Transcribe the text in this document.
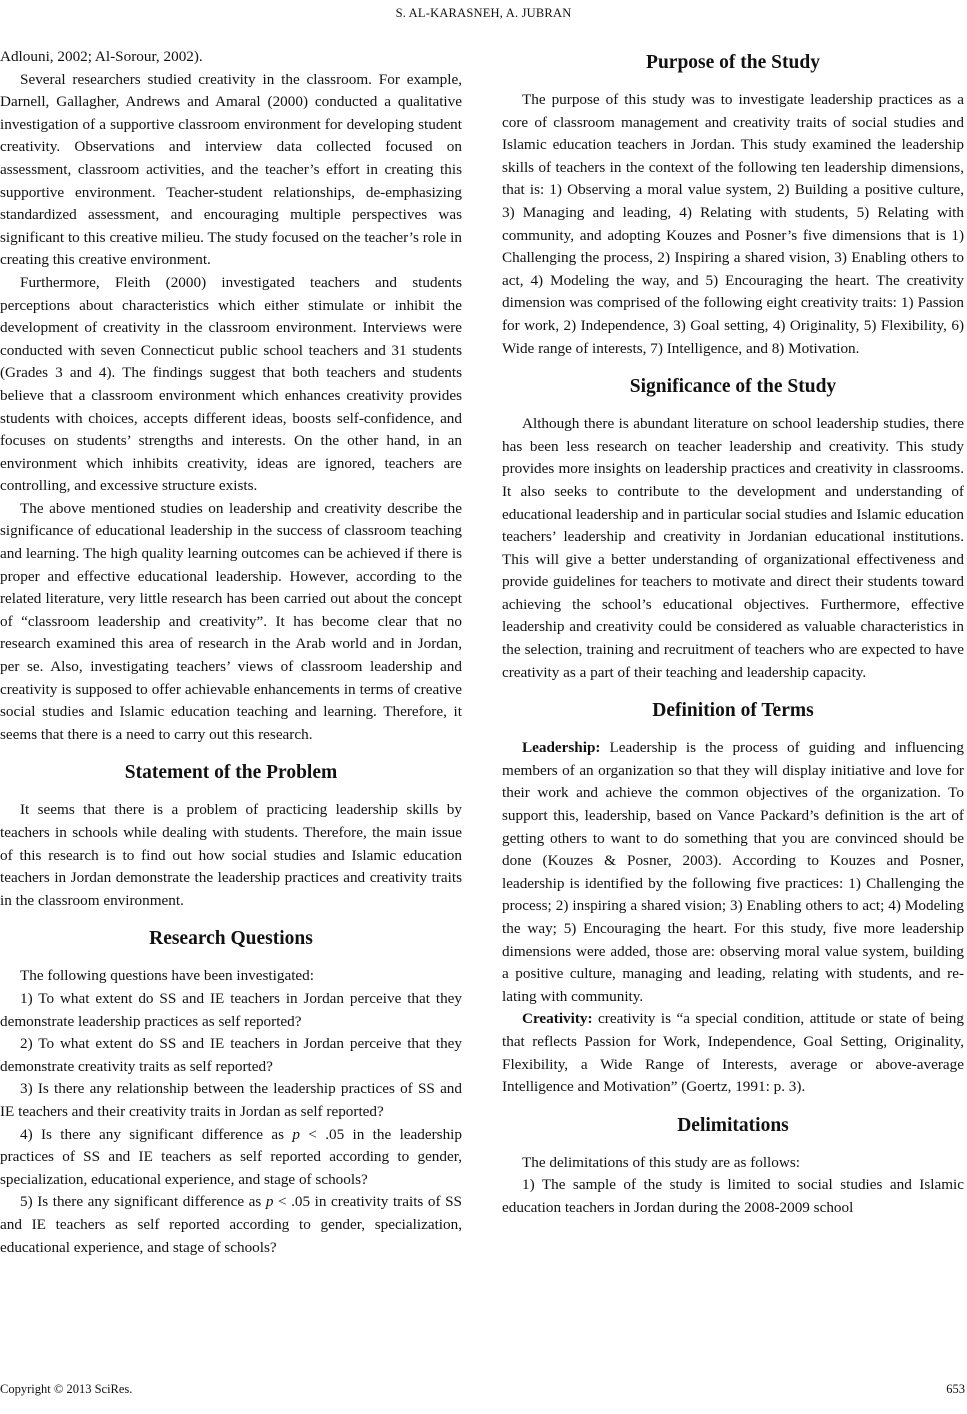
S. AL-KARASNEH, A. JUBRAN

Adlouni, 2002; Al-Sorour, 2002).

Several researchers studied creativity in the classroom. For example, Darnell, Gallagher, Andrews and Amaral (2000) conducted a qualitative investigation of a supportive classroom environment for developing student creativity. Observations and interview data collected focused on assessment, classroom activities, and the teacher’s effort in creating this supportive environment. Teacher-student relationships, de-emphasizing standardized assessment, and encouraging multiple perspectives was significant to this creative milieu. The study focused on the teacher’s role in creating this creative environment.

Furthermore, Fleith (2000) investigated teachers and students perceptions about characteristics which either stimulate or inhibit the development of creativity in the classroom environment. Interviews were conducted with seven Connecticut public school teachers and 31 students (Grades 3 and 4). The findings suggest that both teachers and students believe that a classroom environment which enhances creativity provides students with choices, accepts different ideas, boosts self-confidence, and focuses on students’ strengths and interests. On the other hand, in an environment which inhibits creativity, ideas are ignored, teachers are controlling, and excessive structure exists.

The above mentioned studies on leadership and creativity describe the significance of educational leadership in the success of classroom teaching and learning. The high quality learning outcomes can be achieved if there is proper and effective educational leadership. However, according to the related literature, very little research has been carried out about the concept of “classroom leadership and creativity”. It has become clear that no research examined this area of research in the Arab world and in Jordan, per se. Also, investigating teachers’ views of classroom leadership and creativity is supposed to offer achievable enhancements in terms of creative social studies and Islamic education teaching and learning. Therefore, it seems that there is a need to carry out this research.

Statement of the Problem

It seems that there is a problem of practicing leadership skills by teachers in schools while dealing with students. Therefore, the main issue of this research is to find out how social studies and Islamic education teachers in Jordan demonstrate the leadership practices and creativity traits in the classroom environment.

Research Questions

The following questions have been investigated:

1) To what extent do SS and IE teachers in Jordan perceive that they demonstrate leadership practices as self reported?

2) To what extent do SS and IE teachers in Jordan perceive that they demonstrate creativity traits as self reported?

3) Is there any relationship between the leadership practices of SS and IE teachers and their creativity traits in Jordan as self reported?

4) Is there any significant difference as p < .05 in the leadership practices of SS and IE teachers as self reported according to gender, specialization, educational experience, and stage of schools?

5) Is there any significant difference as p < .05 in creativity traits of SS and IE teachers as self reported according to gender, specialization, educational experience, and stage of schools?

Purpose of the Study

The purpose of this study was to investigate leadership practices as a core of classroom management and creativity traits of social studies and Islamic education teachers in Jordan. This study examined the leadership skills of teachers in the context of the following ten leadership dimensions, that is: 1) Observing a moral value system, 2) Building a positive culture, 3) Managing and leading, 4) Relating with students, 5) Relating with community, and adopting Kouzes and Posner’s five dimensions that is 1) Challenging the process, 2) Inspiring a shared vision, 3) Enabling others to act, 4) Modeling the way, and 5) Encouraging the heart. The creativity dimension was comprised of the following eight creativity traits: 1) Passion for work, 2) Independence, 3) Goal setting, 4) Originality, 5) Flexibility, 6) Wide range of interests, 7) Intelligence, and 8) Motivation.

Significance of the Study

Although there is abundant literature on school leadership studies, there has been less research on teacher leadership and creativity. This study provides more insights on leadership practices and creativity in classrooms. It also seeks to contribute to the development and understanding of educational leadership and in particular social studies and Islamic education teachers’ leadership and creativity in Jordanian educational institutions. This will give a better understanding of organizational effectiveness and provide guidelines for teachers to motivate and direct their students toward achieving the school’s educational objectives. Furthermore, effective leadership and creativity could be considered as valuable characteristics in the selection, training and recruitment of teachers who are expected to have creativity as a part of their teaching and leadership capacity.

Definition of Terms

Leadership: Leadership is the process of guiding and influencing members of an organization so that they will display initiative and love for their work and achieve the common objectives of the organization. To support this, leadership, based on Vance Packard’s definition is the art of getting others to want to do something that you are convinced should be done (Kouzes & Posner, 2003). According to Kouzes and Posner, leadership is identified by the following five practices: 1) Challenging the process; 2) inspiring a shared vision; 3) Enabling others to act; 4) Modeling the way; 5) Encouraging the heart. For this study, five more leadership dimensions were added, those are: observing moral value system, building a positive culture, managing and leading, relating with students, and relating with community.

Creativity: creativity is “a special condition, attitude or state of being that reflects Passion for Work, Independence, Goal Setting, Originality, Flexibility, a Wide Range of Interests, average or above-average Intelligence and Motivation” (Goertz, 1991: p. 3).

Delimitations

The delimitations of this study are as follows:

1) The sample of the study is limited to social studies and Islamic education teachers in Jordan during the 2008-2009 school

Copyright © 2013 SciRes.	653
